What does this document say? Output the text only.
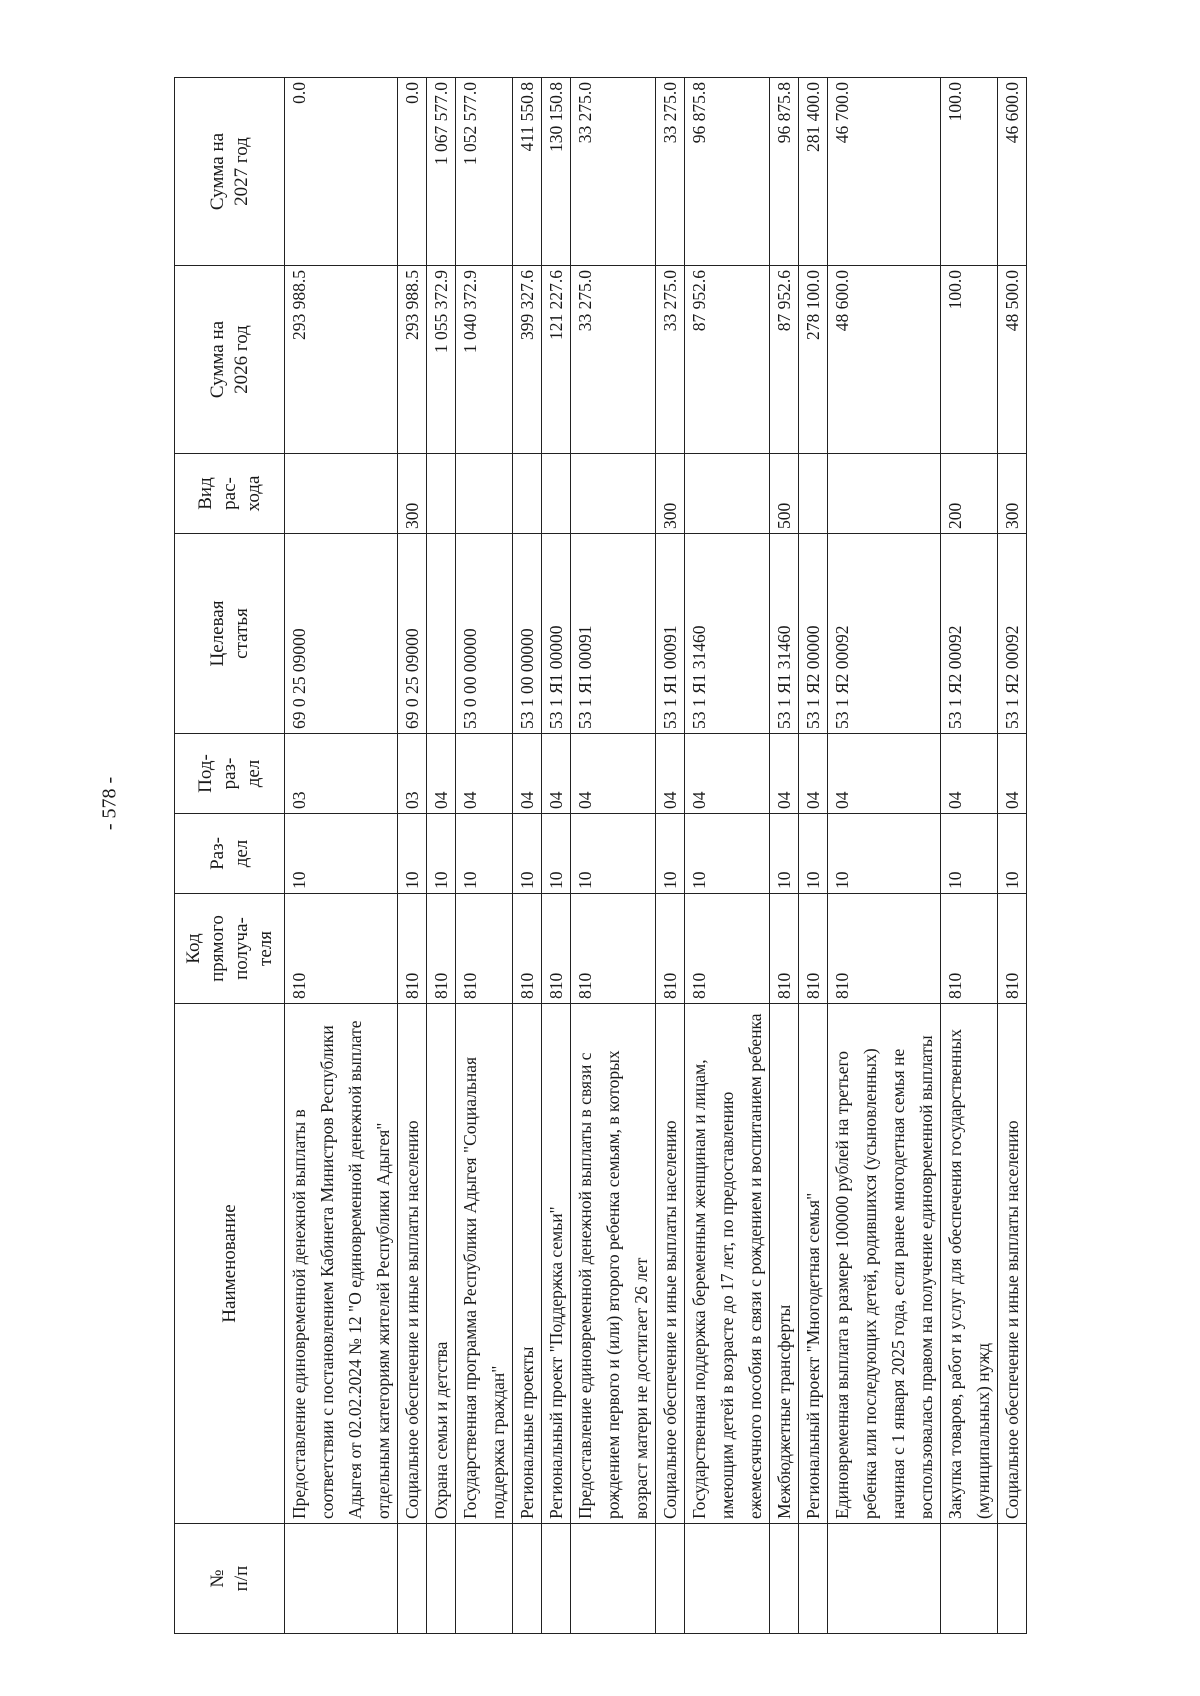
- 578 -
№
п/п	Наименование	Код
прямого
получа-
теля	Раз-
дел	Под-
раз-
дел	Целевая
статья	Вид
рас-
хода	Сумма на
2026 год	Сумма на
2027 год
	Предоставление единовременной денежной выплаты в соответствии с постановлением Кабинета Министров Республики Адыгея от 02.02.2024 № 12 "О единовременной денежной выплате отдельным категориям жителей Республики Адыгея"	810	10	03	69 0 25 09000		293 988.5	0.0
	Социальное обеспечение и иные выплаты населению	810	10	03	69 0 25 09000	300	293 988.5	0.0
	Охрана семьи и детства	810	10	04			1 055 372.9	1 067 577.0
	Государственная программа Республики Адыгея "Социальная поддержка граждан"	810	10	04	53 0 00 00000		1 040 372.9	1 052 577.0
	Региональные проекты	810	10	04	53 1 00 00000		399 327.6	411 550.8
	Региональный проект "Поддержка семьи"	810	10	04	53 1 Я1 00000		121 227.6	130 150.8
	Предоставление единовременной денежной выплаты в связи с рождением первого и (или) второго ребенка семьям, в которых возраст матери не достигает 26 лет	810	10	04	53 1 Я1 00091		33 275.0	33 275.0
	Социальное обеспечение и иные выплаты населению	810	10	04	53 1 Я1 00091	300	33 275.0	33 275.0
	Государственная поддержка беременным женщинам и лицам, имеющим детей в возрасте до 17 лет, по предоставлению ежемесячного пособия в связи с рождением и воспитанием ребенка	810	10	04	53 1 Я1 31460		87 952.6	96 875.8
	Межбюджетные трансферты	810	10	04	53 1 Я1 31460	500	87 952.6	96 875.8
	Региональный проект "Многодетная семья"	810	10	04	53 1 Я2 00000		278 100.0	281 400.0
	Единовременная выплата в размере 100000 рублей на третьего ребенка или последующих детей, родившихся (усыновленных) начиная с 1 января 2025 года, если ранее многодетная семья не воспользовалась правом на получение единовременной выплаты	810	10	04	53 1 Я2 00092		48 600.0	46 700.0
	Закупка товаров, работ и услуг для обеспечения государственных (муниципальных) нужд	810	10	04	53 1 Я2 00092	200	100.0	100.0
	Социальное обеспечение и иные выплаты населению	810	10	04	53 1 Я2 00092	300	48 500.0	46 600.0
